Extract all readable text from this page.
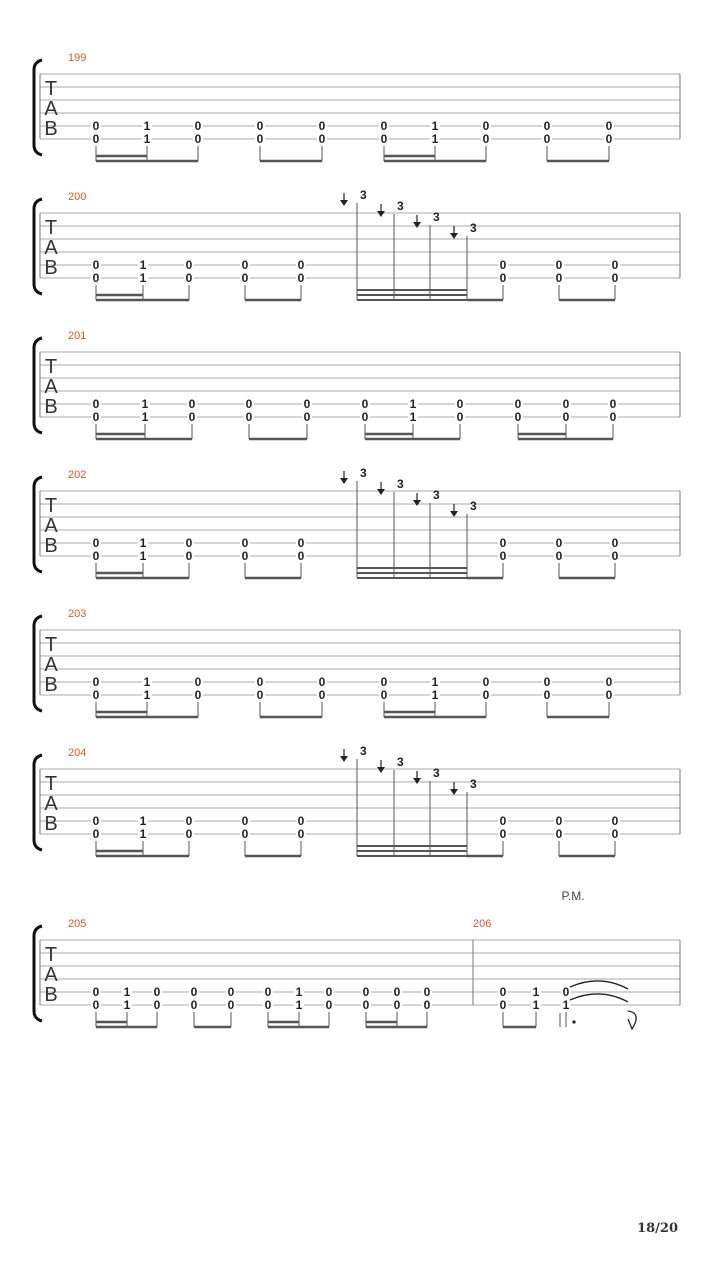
199
T
A
B	0
0
1
1
0
0
0
0
0
0
0
0
1
1
0
0
0
0
0
0
200
T
A
B	0
0
1
1
0
0
0
0
0
0
0
0
0
0
0
0
3
3
3
3
201
T
A
B	0
0
1
1
0
0
0
0
0
0
0
0
1
1
0
0
0
0
0
0
0
0
202
T
A
B	0
0
1
1
0
0
0
0
0
0
0
0
0
0
0
0
3
3
3
3
203
T
A
B	0
0
1
1
0
0
0
0
0
0
0
0
1
1
0
0
0
0
0
0
204
T
A
B	0
0
1
1
0
0
0
0
0
0
0
0
0
0
0
0
3
3
3
3
205	206
T
A
B	0
0
1
1
0
0
0
0
0
0
0
0
1
1
0
0
0
0
0
0
0
0
0
0
1
1
0
1
P.M.
18/20
